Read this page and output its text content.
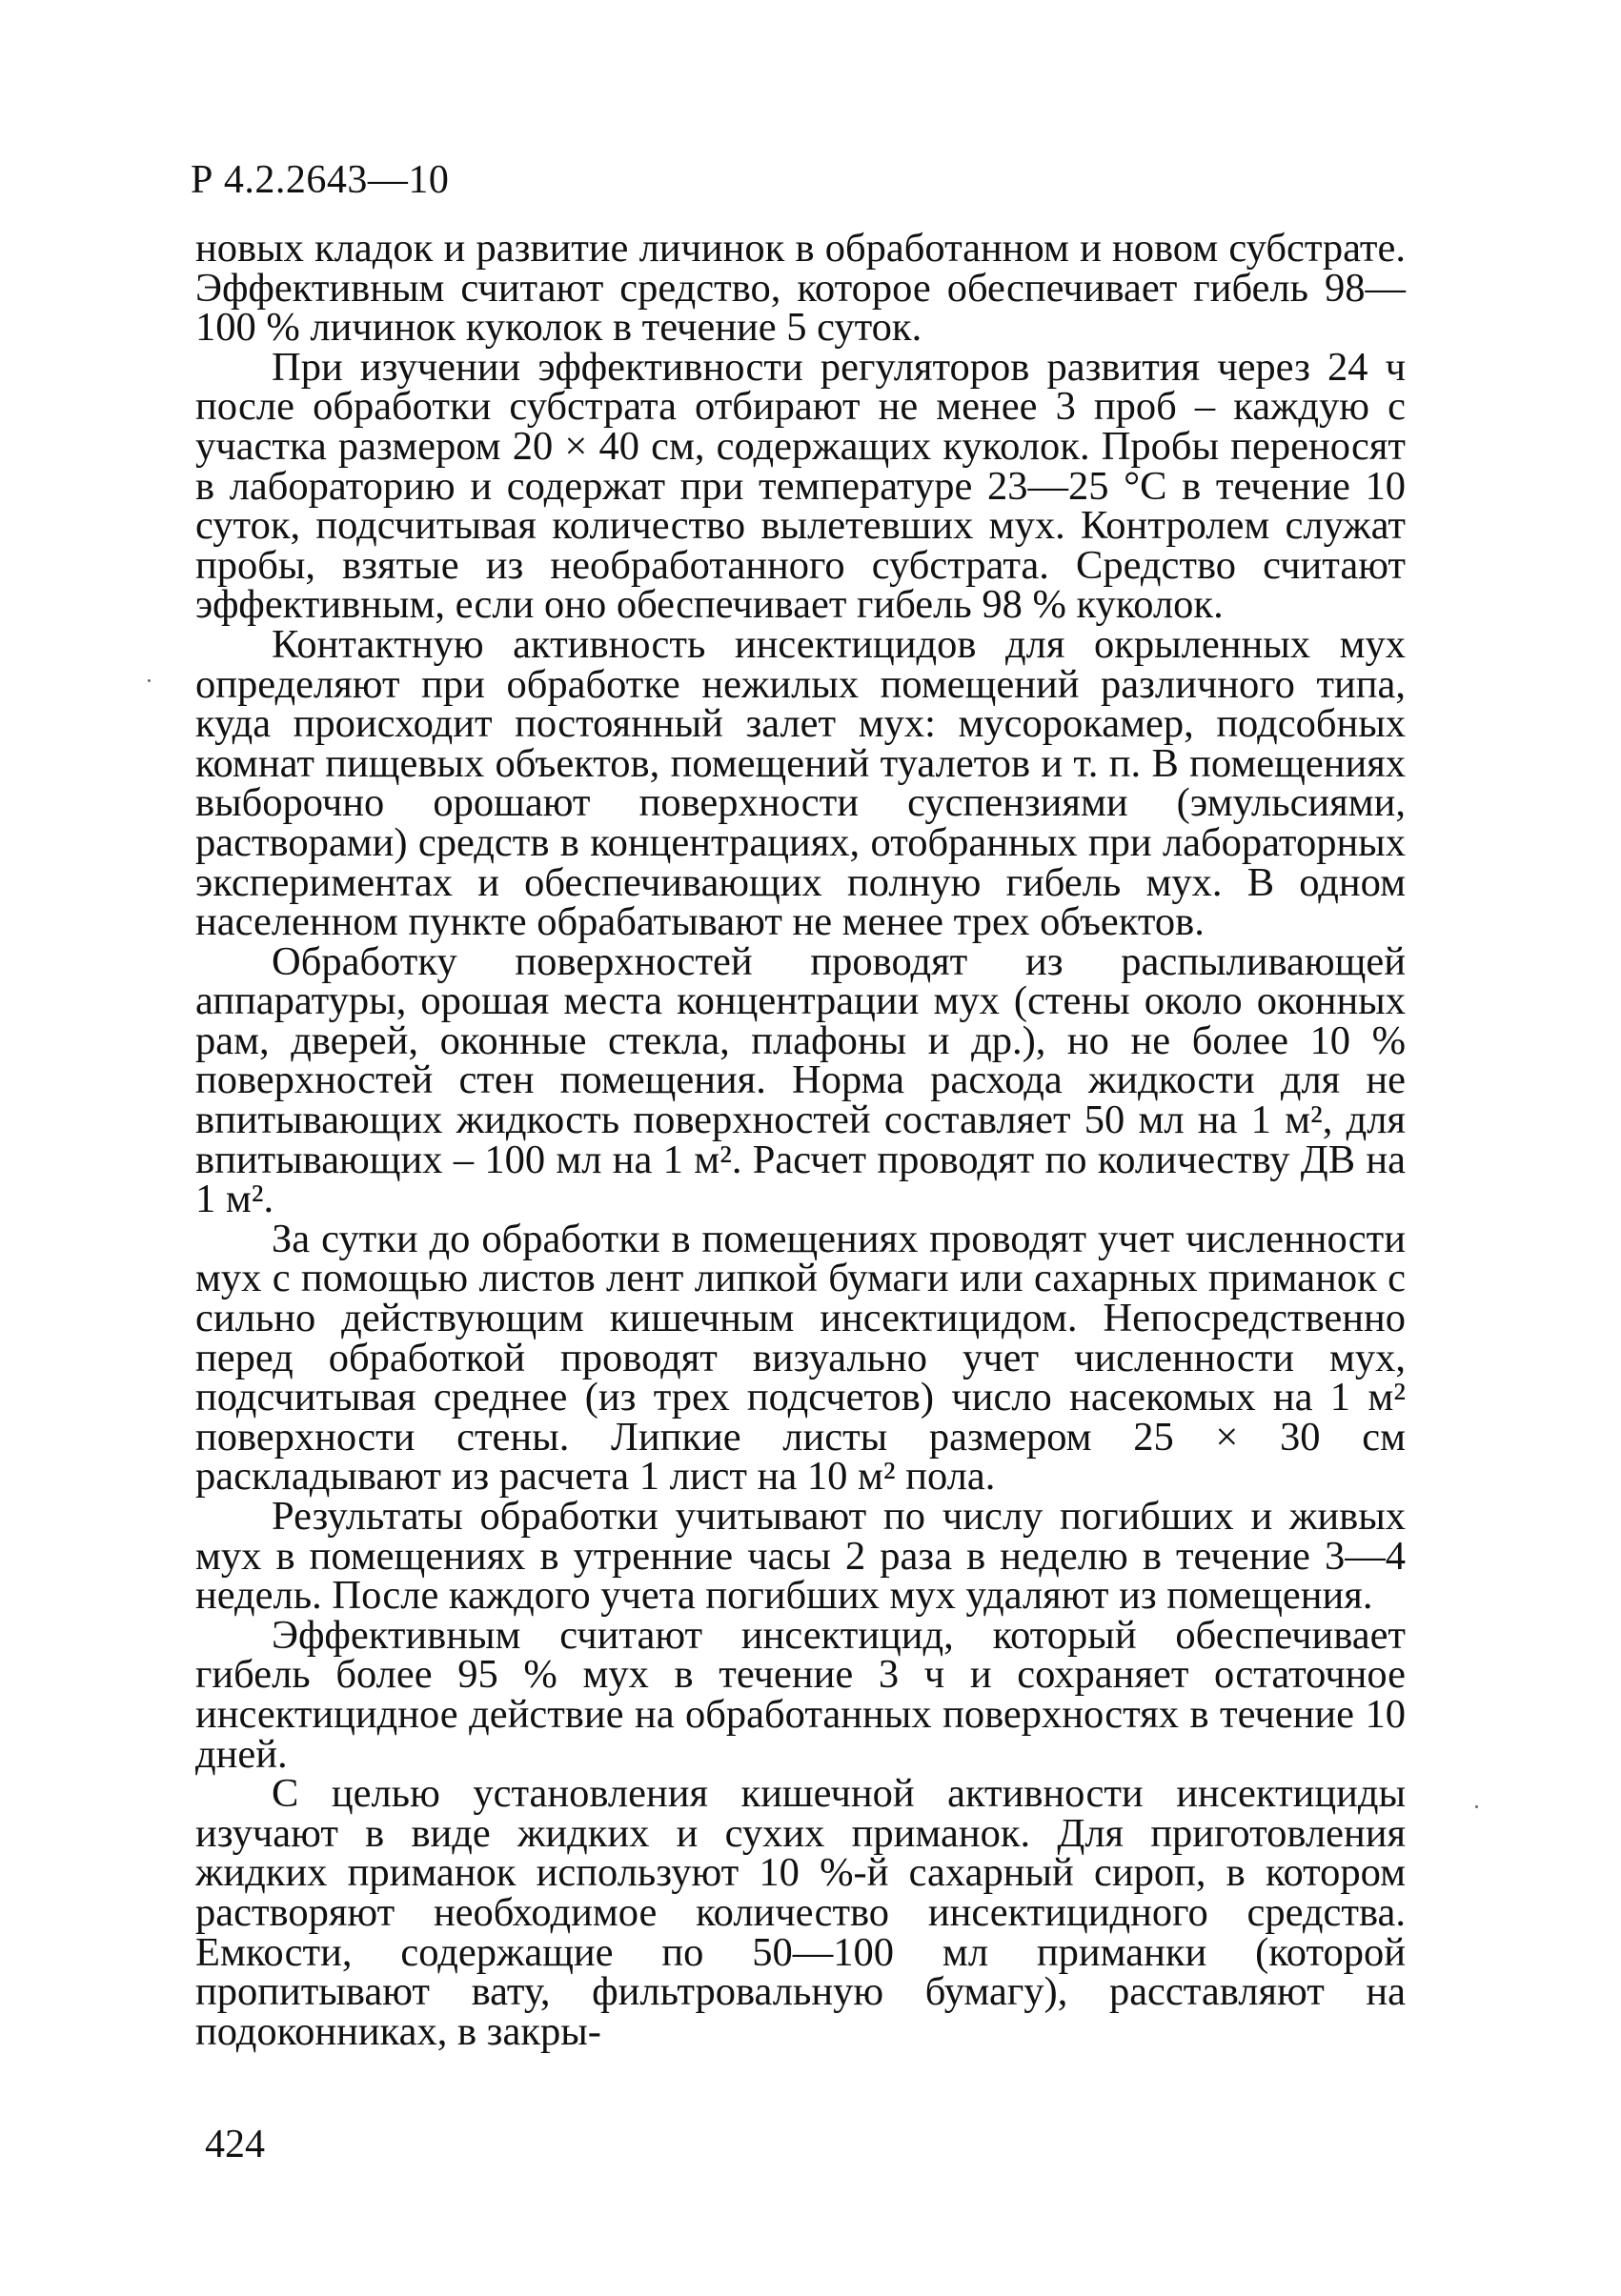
Р 4.2.2643—10

новых кладок и развитие личинок в обработанном и новом субстрате. Эффективным считают средство, которое обеспечивает гибель 98—100 % личинок куколок в течение 5 суток.

При изучении эффективности регуляторов развития через 24 ч после обработки субстрата отбирают не менее 3 проб – каждую с участка размером 20 × 40 см, содержащих куколок. Пробы переносят в лабораторию и содержат при температуре 23—25 °С в течение 10 суток, подсчитывая количество вылетевших мух. Контролем служат пробы, взятые из необработанного субстрата. Средство считают эффективным, если оно обеспечивает гибель 98 % куколок.

Контактную активность инсектицидов для окрыленных мух определяют при обработке нежилых помещений различного типа, куда происходит постоянный залет мух: мусорокамер, подсобных комнат пищевых объектов, помещений туалетов и т. п. В помещениях выборочно орошают поверхности суспензиями (эмульсиями, растворами) средств в концентрациях, отобранных при лабораторных экспериментах и обеспечивающих полную гибель мух. В одном населенном пункте обрабатывают не менее трех объектов.

Обработку поверхностей проводят из распыливающей аппаратуры, орошая места концентрации мух (стены около оконных рам, дверей, оконные стекла, плафоны и др.), но не более 10 % поверхностей стен помещения. Норма расхода жидкости для не впитывающих жидкость поверхностей составляет 50 мл на 1 м², для впитывающих – 100 мл на 1 м². Расчет проводят по количеству ДВ на 1 м².

За сутки до обработки в помещениях проводят учет численности мух с помощью листов лент липкой бумаги или сахарных приманок с сильно действующим кишечным инсектицидом. Непосредственно перед обработкой проводят визуально учет численности мух, подсчитывая среднее (из трех подсчетов) число насекомых на 1 м² поверхности стены. Липкие листы размером 25 × 30 см раскладывают из расчета 1 лист на 10 м² пола.

Результаты обработки учитывают по числу погибших и живых мух в помещениях в утренние часы 2 раза в неделю в течение 3—4 недель. После каждого учета погибших мух удаляют из помещения.

Эффективным считают инсектицид, который обеспечивает гибель более 95 % мух в течение 3 ч и сохраняет остаточное инсектицидное действие на обработанных поверхностях в течение 10 дней.

С целью установления кишечной активности инсектициды изучают в виде жидких и сухих приманок. Для приготовления жидких приманок используют 10 %-й сахарный сироп, в котором растворяют необходимое количество инсектицидного средства. Емкости, содержащие по 50—100 мл приманки (которой пропитывают вату, фильтровальную бумагу), расставляют на подоконниках, в закры-

424
